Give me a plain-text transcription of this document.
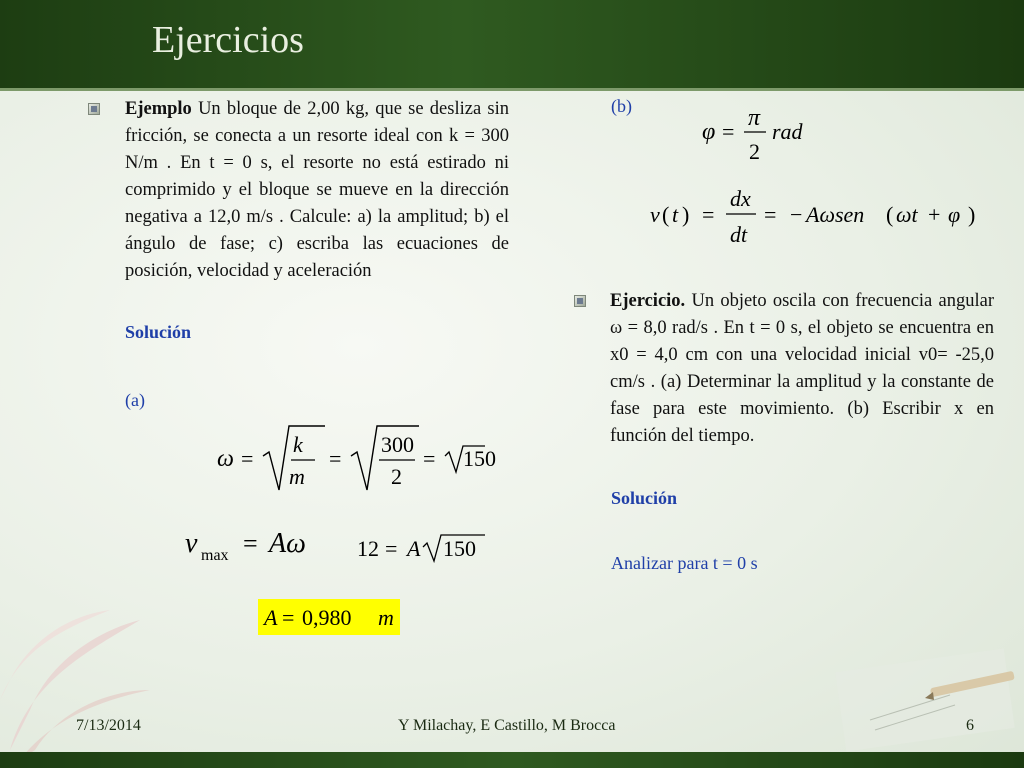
Ejercicios
Ejemplo Un bloque de 2,00 kg, que se desliza sin fricción, se conecta a un resorte ideal con k = 300 N/m . En t = 0 s, el resorte no está estirado ni comprimido y el bloque se mueve en la dirección negativa a 12,0 m/s . Calcule: a) la amplitud; b) el ángulo de fase; c) escriba las ecuaciones de posición, velocidad y aceleración
Solución
(a)
ω =
k
m
=
300
2
= 150
v max = Aω 12 = A 150
A = 0,980 m
(b)
φ =
π
2
rad
v ( t ) =
dx
dt
= − Aωsen ( ωt + φ )
Ejercicio. Un objeto oscila con frecuencia angular ω = 8,0 rad/s . En t = 0 s, el objeto se encuentra en x0 = 4,0 cm con una velocidad inicial v0= -25,0 cm/s . (a) Determinar la amplitud y la constante de fase para este movimiento. (b) Escribir x en función del tiempo.
Solución
Analizar para t = 0 s
7/13/2014	Y Milachay, E Castillo, M Brocca	6
